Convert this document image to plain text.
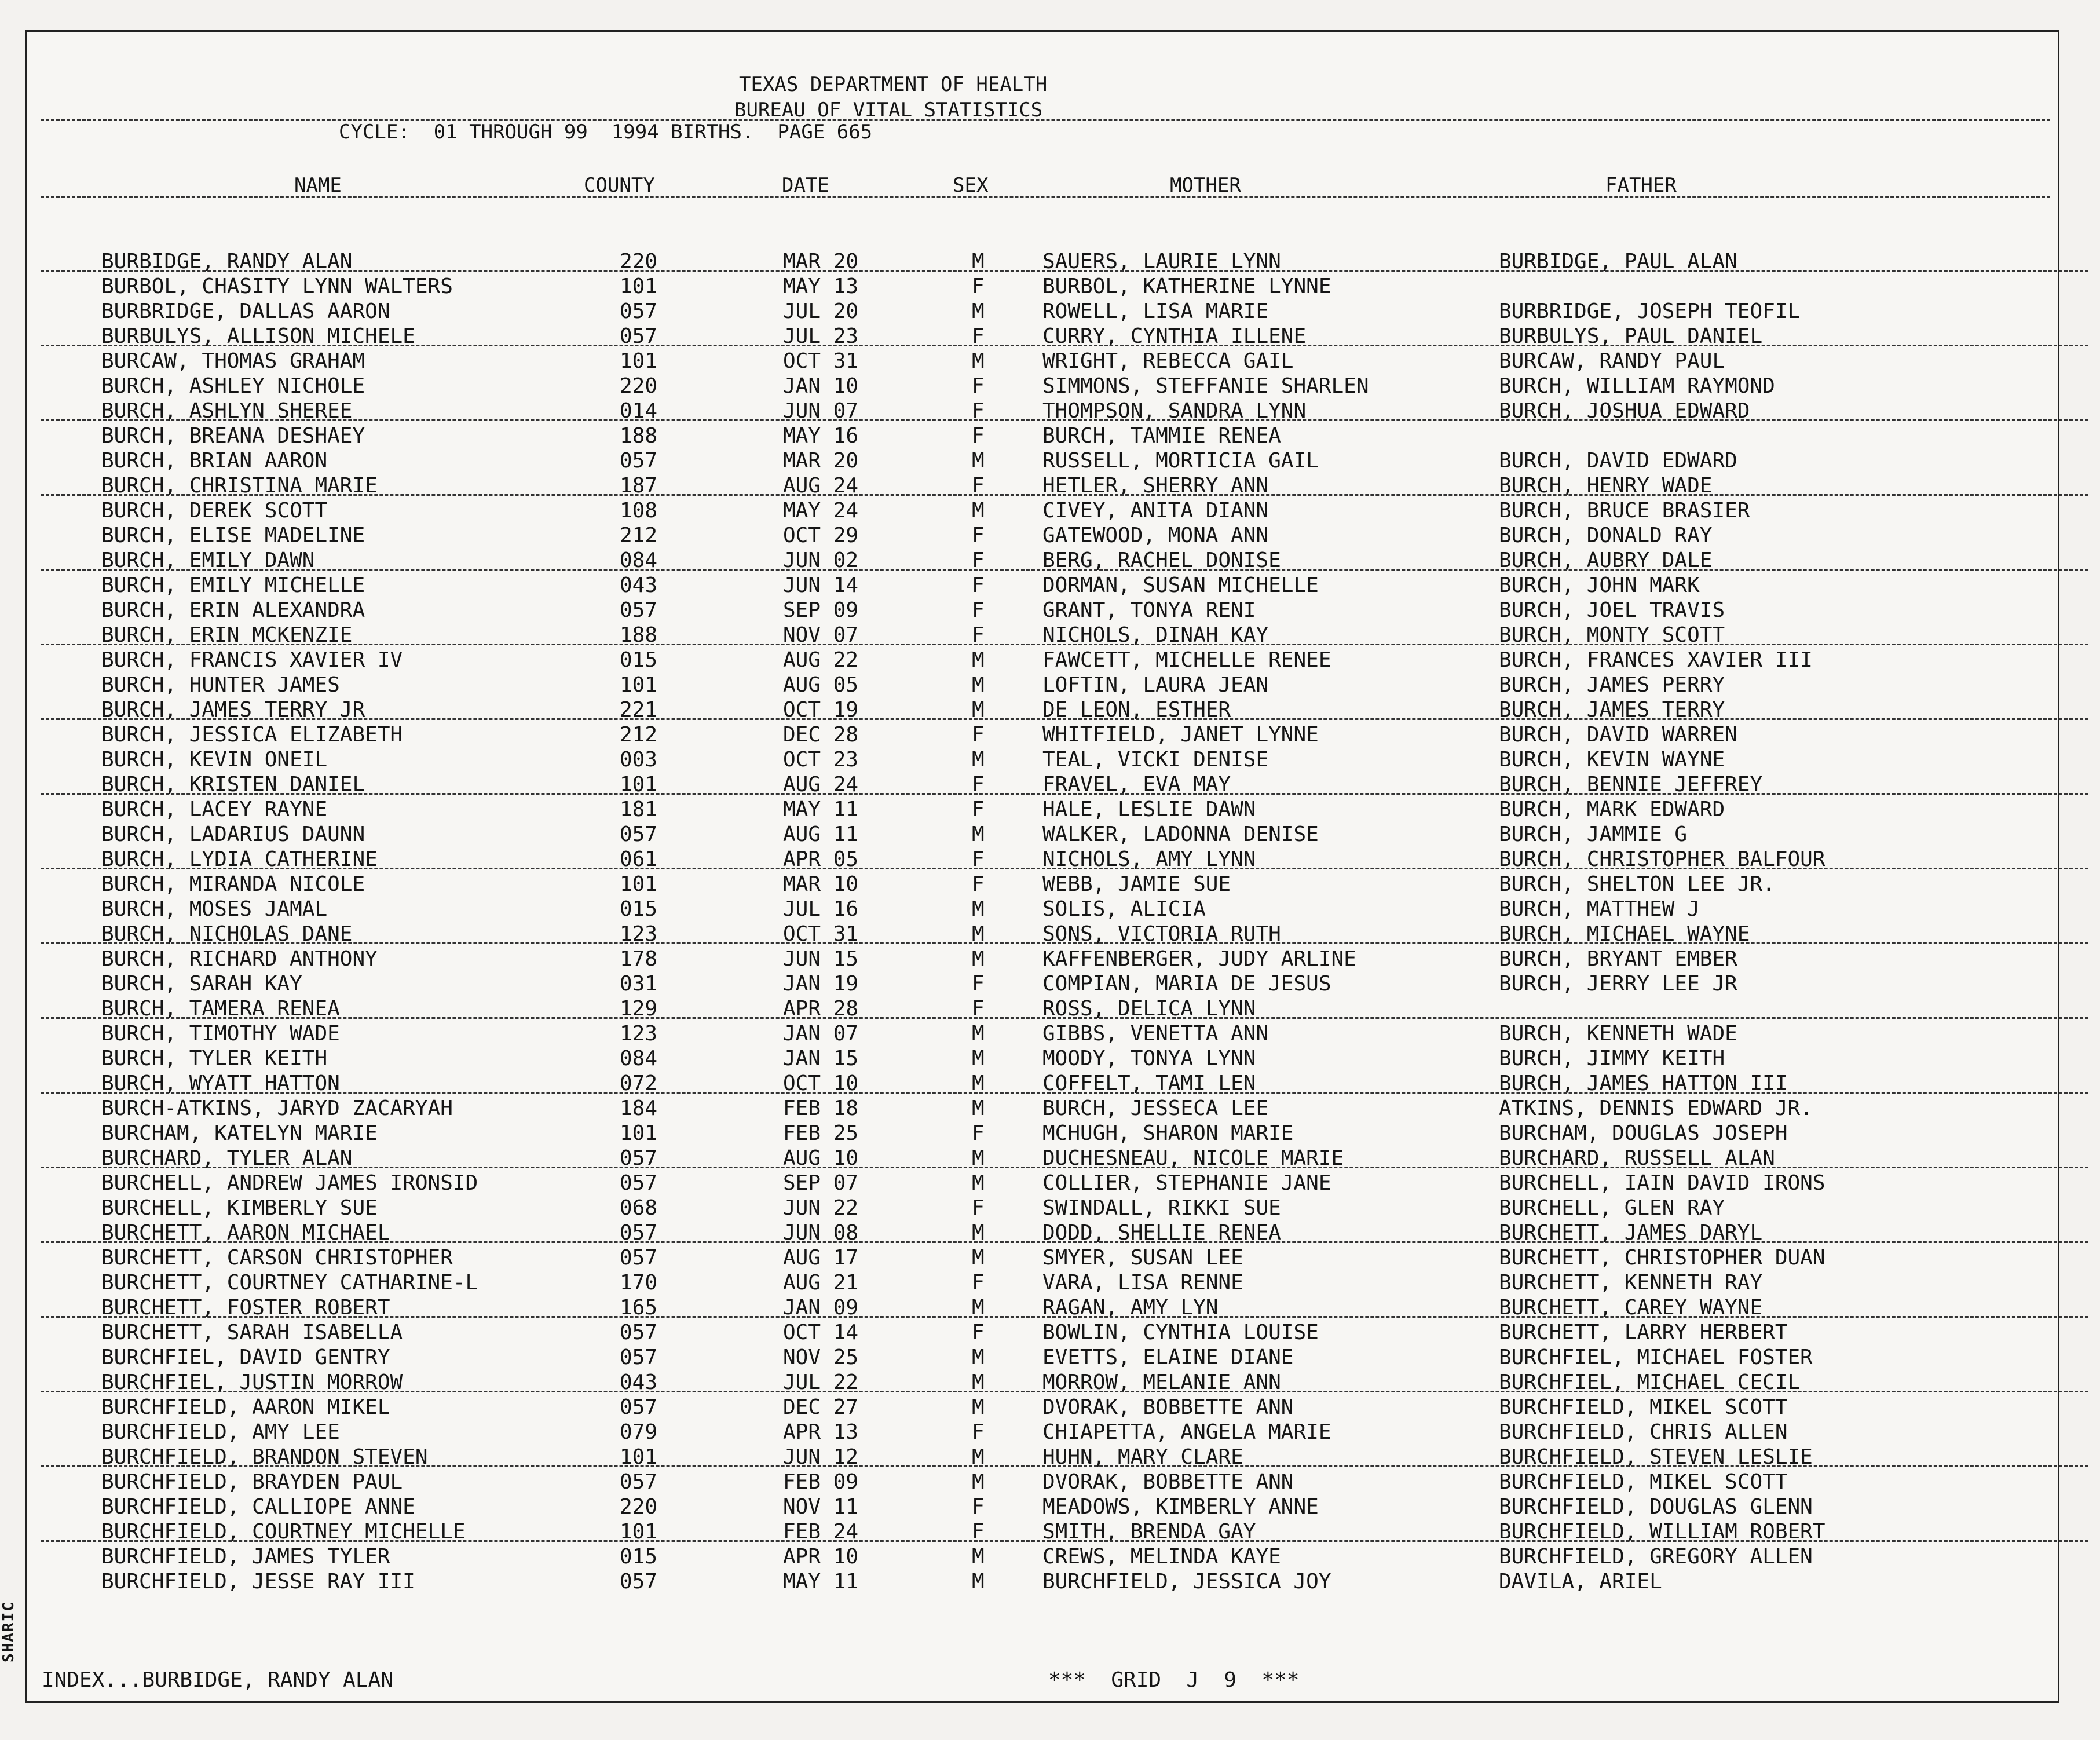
SHARIC
TEXAS DEPARTMENT OF HEALTH
BUREAU OF VITAL STATISTICS
CYCLE:  01 THROUGH 99  1994 BIRTHS.  PAGE 665
NAME	COUNTY	DATE	SEX	MOTHER	FATHER
BURBIDGE, RANDY ALAN	220	MAR 20	M	SAUERS, LAURIE LYNN	BURBIDGE, PAUL ALAN
BURBOL, CHASITY LYNN WALTERS	101	MAY 13	F	BURBOL, KATHERINE LYNNE
BURBRIDGE, DALLAS AARON	057	JUL 20	M	ROWELL, LISA MARIE	BURBRIDGE, JOSEPH TEOFIL
BURBULYS, ALLISON MICHELE	057	JUL 23	F	CURRY, CYNTHIA ILLENE	BURBULYS, PAUL DANIEL
BURCAW, THOMAS GRAHAM	101	OCT 31	M	WRIGHT, REBECCA GAIL	BURCAW, RANDY PAUL
BURCH, ASHLEY NICHOLE	220	JAN 10	F	SIMMONS, STEFFANIE SHARLEN	BURCH, WILLIAM RAYMOND
BURCH, ASHLYN SHEREE	014	JUN 07	F	THOMPSON, SANDRA LYNN	BURCH, JOSHUA EDWARD
BURCH, BREANA DESHAEY	188	MAY 16	F	BURCH, TAMMIE RENEA
BURCH, BRIAN AARON	057	MAR 20	M	RUSSELL, MORTICIA GAIL	BURCH, DAVID EDWARD
BURCH, CHRISTINA MARIE	187	AUG 24	F	HETLER, SHERRY ANN	BURCH, HENRY WADE
BURCH, DEREK SCOTT	108	MAY 24	M	CIVEY, ANITA DIANN	BURCH, BRUCE BRASIER
BURCH, ELISE MADELINE	212	OCT 29	F	GATEWOOD, MONA ANN	BURCH, DONALD RAY
BURCH, EMILY DAWN	084	JUN 02	F	BERG, RACHEL DONISE	BURCH, AUBRY DALE
BURCH, EMILY MICHELLE	043	JUN 14	F	DORMAN, SUSAN MICHELLE	BURCH, JOHN MARK
BURCH, ERIN ALEXANDRA	057	SEP 09	F	GRANT, TONYA RENI	BURCH, JOEL TRAVIS
BURCH, ERIN MCKENZIE	188	NOV 07	F	NICHOLS, DINAH KAY	BURCH, MONTY SCOTT
BURCH, FRANCIS XAVIER IV	015	AUG 22	M	FAWCETT, MICHELLE RENEE	BURCH, FRANCES XAVIER III
BURCH, HUNTER JAMES	101	AUG 05	M	LOFTIN, LAURA JEAN	BURCH, JAMES PERRY
BURCH, JAMES TERRY JR	221	OCT 19	M	DE LEON, ESTHER	BURCH, JAMES TERRY
BURCH, JESSICA ELIZABETH	212	DEC 28	F	WHITFIELD, JANET LYNNE	BURCH, DAVID WARREN
BURCH, KEVIN ONEIL	003	OCT 23	M	TEAL, VICKI DENISE	BURCH, KEVIN WAYNE
BURCH, KRISTEN DANIEL	101	AUG 24	F	FRAVEL, EVA MAY	BURCH, BENNIE JEFFREY
BURCH, LACEY RAYNE	181	MAY 11	F	HALE, LESLIE DAWN	BURCH, MARK EDWARD
BURCH, LADARIUS DAUNN	057	AUG 11	M	WALKER, LADONNA DENISE	BURCH, JAMMIE G
BURCH, LYDIA CATHERINE	061	APR 05	F	NICHOLS, AMY LYNN	BURCH, CHRISTOPHER BALFOUR
BURCH, MIRANDA NICOLE	101	MAR 10	F	WEBB, JAMIE SUE	BURCH, SHELTON LEE JR.
BURCH, MOSES JAMAL	015	JUL 16	M	SOLIS, ALICIA	BURCH, MATTHEW J
BURCH, NICHOLAS DANE	123	OCT 31	M	SONS, VICTORIA RUTH	BURCH, MICHAEL WAYNE
BURCH, RICHARD ANTHONY	178	JUN 15	M	KAFFENBERGER, JUDY ARLINE	BURCH, BRYANT EMBER
BURCH, SARAH KAY	031	JAN 19	F	COMPIAN, MARIA DE JESUS	BURCH, JERRY LEE JR
BURCH, TAMERA RENEA	129	APR 28	F	ROSS, DELICA LYNN
BURCH, TIMOTHY WADE	123	JAN 07	M	GIBBS, VENETTA ANN	BURCH, KENNETH WADE
BURCH, TYLER KEITH	084	JAN 15	M	MOODY, TONYA LYNN	BURCH, JIMMY KEITH
BURCH, WYATT HATTON	072	OCT 10	M	COFFELT, TAMI LEN	BURCH, JAMES HATTON III
BURCH-ATKINS, JARYD ZACARYAH	184	FEB 18	M	BURCH, JESSECA LEE	ATKINS, DENNIS EDWARD JR.
BURCHAM, KATELYN MARIE	101	FEB 25	F	MCHUGH, SHARON MARIE	BURCHAM, DOUGLAS JOSEPH
BURCHARD, TYLER ALAN	057	AUG 10	M	DUCHESNEAU, NICOLE MARIE	BURCHARD, RUSSELL ALAN
BURCHELL, ANDREW JAMES IRONSID	057	SEP 07	M	COLLIER, STEPHANIE JANE	BURCHELL, IAIN DAVID IRONS
BURCHELL, KIMBERLY SUE	068	JUN 22	F	SWINDALL, RIKKI SUE	BURCHELL, GLEN RAY
BURCHETT, AARON MICHAEL	057	JUN 08	M	DODD, SHELLIE RENEA	BURCHETT, JAMES DARYL
BURCHETT, CARSON CHRISTOPHER	057	AUG 17	M	SMYER, SUSAN LEE	BURCHETT, CHRISTOPHER DUAN
BURCHETT, COURTNEY CATHARINE-L	170	AUG 21	F	VARA, LISA RENNE	BURCHETT, KENNETH RAY
BURCHETT, FOSTER ROBERT	165	JAN 09	M	RAGAN, AMY LYN	BURCHETT, CAREY WAYNE
BURCHETT, SARAH ISABELLA	057	OCT 14	F	BOWLIN, CYNTHIA LOUISE	BURCHETT, LARRY HERBERT
BURCHFIEL, DAVID GENTRY	057	NOV 25	M	EVETTS, ELAINE DIANE	BURCHFIEL, MICHAEL FOSTER
BURCHFIEL, JUSTIN MORROW	043	JUL 22	M	MORROW, MELANIE ANN	BURCHFIEL, MICHAEL CECIL
BURCHFIELD, AARON MIKEL	057	DEC 27	M	DVORAK, BOBBETTE ANN	BURCHFIELD, MIKEL SCOTT
BURCHFIELD, AMY LEE	079	APR 13	F	CHIAPETTA, ANGELA MARIE	BURCHFIELD, CHRIS ALLEN
BURCHFIELD, BRANDON STEVEN	101	JUN 12	M	HUHN, MARY CLARE	BURCHFIELD, STEVEN LESLIE
BURCHFIELD, BRAYDEN PAUL	057	FEB 09	M	DVORAK, BOBBETTE ANN	BURCHFIELD, MIKEL SCOTT
BURCHFIELD, CALLIOPE ANNE	220	NOV 11	F	MEADOWS, KIMBERLY ANNE	BURCHFIELD, DOUGLAS GLENN
BURCHFIELD, COURTNEY MICHELLE	101	FEB 24	F	SMITH, BRENDA GAY	BURCHFIELD, WILLIAM ROBERT
BURCHFIELD, JAMES TYLER	015	APR 10	M	CREWS, MELINDA KAYE	BURCHFIELD, GREGORY ALLEN
BURCHFIELD, JESSE RAY III	057	MAY 11	M	BURCHFIELD, JESSICA JOY	DAVILA, ARIEL
INDEX...BURBIDGE, RANDY ALAN	***  GRID  J  9  ***
